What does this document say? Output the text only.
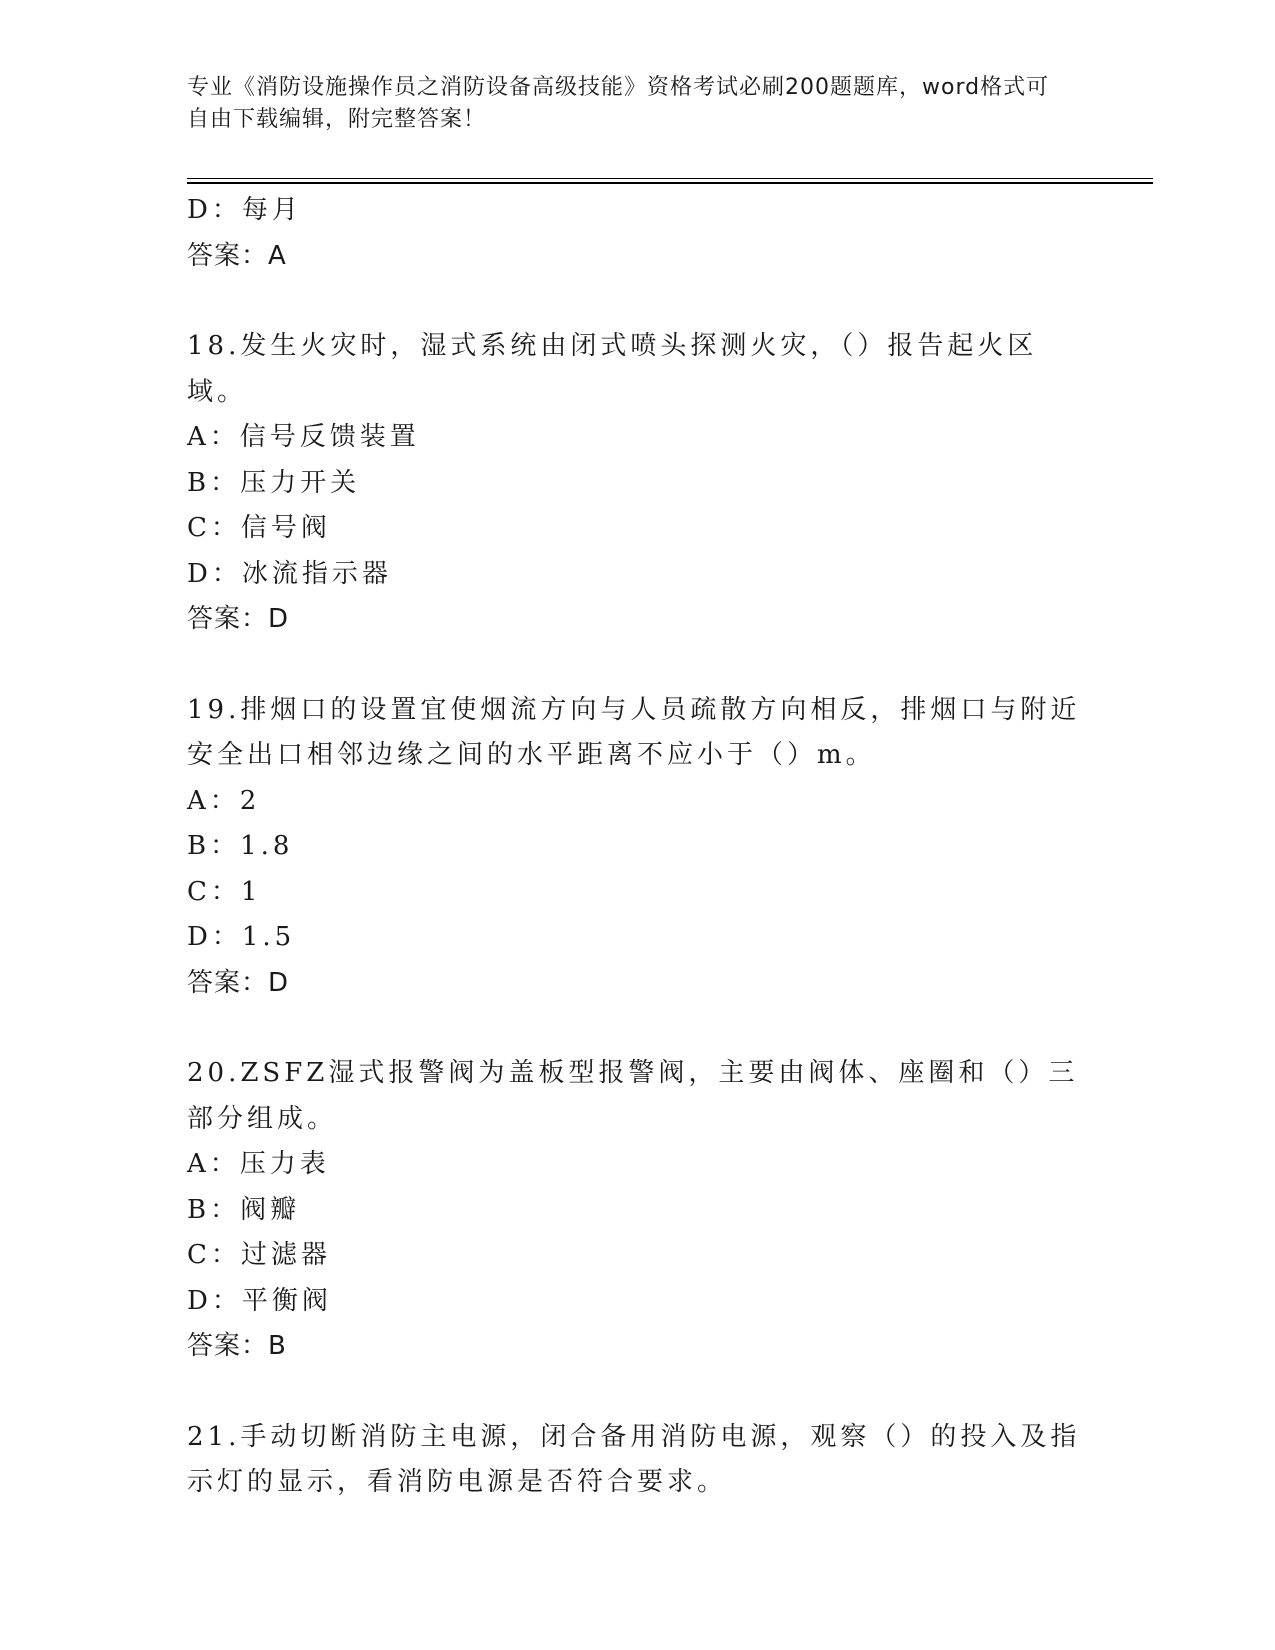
专业《消防设施操作员之消防设备高级技能》资格考试必刷200题题库，word格式可自由下载编辑，附完整答案！
D：每月
答案：A
18.发生火灾时，湿式系统由闭式喷头探测火灾，（）报告起火区域。
A：信号反馈装置
B：压力开关
C：信号阀
D：冰流指示器
答案：D
19.排烟口的设置宜使烟流方向与人员疏散方向相反，排烟口与附近安全出口相邻边缘之间的水平距离不应小于（）m。
A：2
B：1.8
C：1
D：1.5
答案：D
20.ZSFZ湿式报警阀为盖板型报警阀，主要由阀体、座圈和（）三部分组成。
A：压力表
B：阀瓣
C：过滤器
D：平衡阀
答案：B
21.手动切断消防主电源，闭合备用消防电源，观察（）的投入及指示灯的显示，看消防电源是否符合要求。
